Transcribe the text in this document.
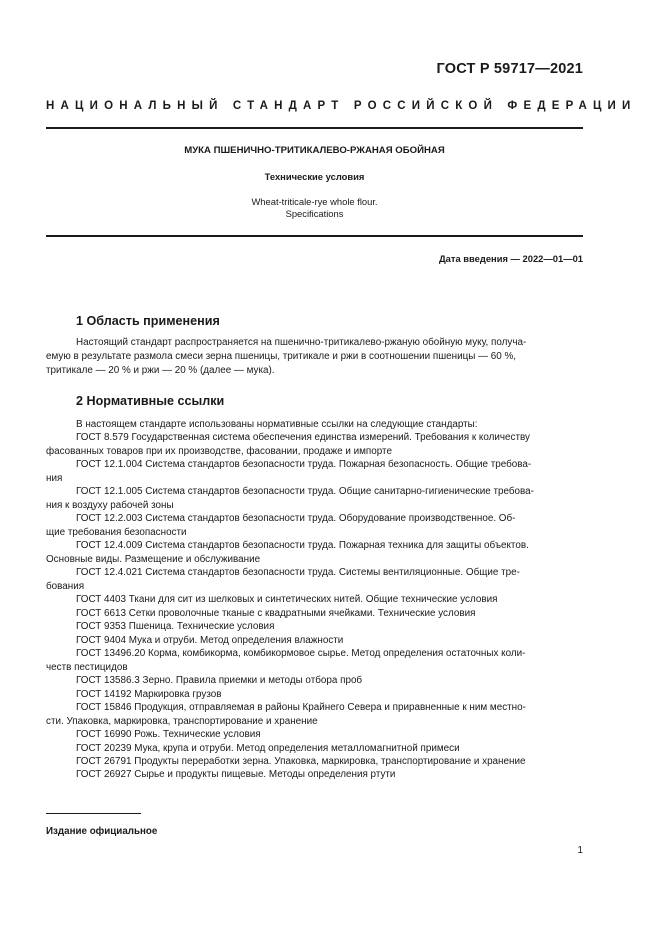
ГОСТ Р 59717—2021
НАЦИОНАЛЬНЫЙ СТАНДАРТ РОССИЙСКОЙ ФЕДЕРАЦИИ
МУКА ПШЕНИЧНО-ТРИТИКАЛЕВО-РЖАНАЯ ОБОЙНАЯ
Технические условия
Wheat-triticale-rye whole flour.
Specifications
Дата введения — 2022—01—01
1 Область применения
Настоящий стандарт распространяется на пшенично-тритикалево-ржаную обойную муку, получа-
емую в результате размола смеси зерна пшеницы, тритикале и ржи в соотношении пшеницы — 60 %,
тритикале — 20 % и ржи — 20 % (далее — мука).
2 Нормативные ссылки
В настоящем стандарте использованы нормативные ссылки на следующие стандарты:
ГОСТ 8.579 Государственная система обеспечения единства измерений. Требования к количеству
фасованных товаров при их производстве, фасовании, продаже и импорте
ГОСТ 12.1.004 Система стандартов безопасности труда. Пожарная безопасность. Общие требова-
ния
ГОСТ 12.1.005 Система стандартов безопасности труда. Общие санитарно-гигиенические требова-
ния к воздуху рабочей зоны
ГОСТ 12.2.003 Система стандартов безопасности труда. Оборудование производственное. Об-
щие требования безопасности
ГОСТ 12.4.009 Система стандартов безопасности труда. Пожарная техника для защиты объектов.
Основные виды. Размещение и обслуживание
ГОСТ 12.4.021 Система стандартов безопасности труда. Системы вентиляционные. Общие тре-
бования
ГОСТ 4403 Ткани для сит из шелковых и синтетических нитей. Общие технические условия
ГОСТ 6613 Сетки проволочные тканые с квадратными ячейками. Технические условия
ГОСТ 9353 Пшеница. Технические условия
ГОСТ 9404 Мука и отруби. Метод определения влажности
ГОСТ 13496.20 Корма, комбикорма, комбикормовое сырье. Метод определения остаточных коли-
честв пестицидов
ГОСТ 13586.3 Зерно. Правила приемки и методы отбора проб
ГОСТ 14192 Маркировка грузов
ГОСТ 15846 Продукция, отправляемая в районы Крайнего Севера и приравненные к ним местно-
сти. Упаковка, маркировка, транспортирование и хранение
ГОСТ 16990 Рожь. Технические условия
ГОСТ 20239 Мука, крупа и отруби. Метод определения металломагнитной примеси
ГОСТ 26791 Продукты переработки зерна. Упаковка, маркировка, транспортирование и хранение
ГОСТ 26927 Сырье и продукты пищевые. Методы определения ртути
Издание официальное
1
